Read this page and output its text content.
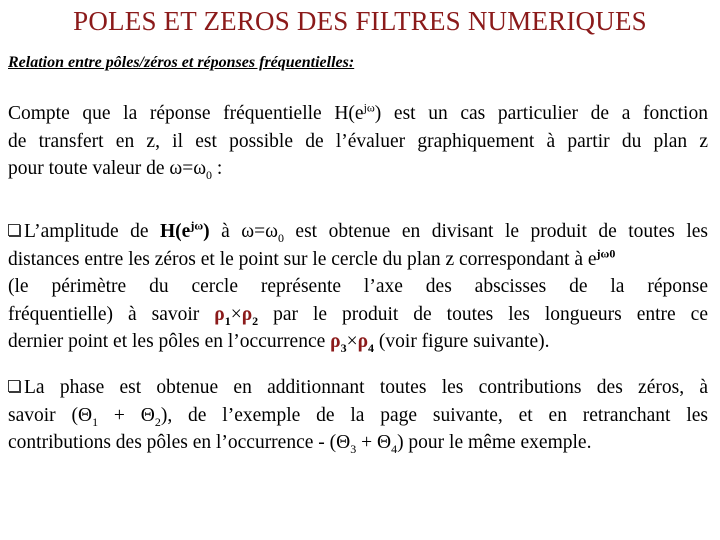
POLES ET ZEROS DES FILTRES NUMERIQUES
Relation entre pôles/zéros et réponses fréquentielles:
Compte que la réponse fréquentielle $H(e^{j\omega})$ est un cas particulier de a fonction
de transfert en z, il est possible de l’évaluer graphiquement à partir du plan z
pour toute valeur de $\omega=\omega_0$ :
L’amplitude de $H(e^{j\omega})$ à $\omega=\omega_0$ est obtenue en divisant le produit de toutes les
distances entre les zéros et le point sur le cercle du plan z correspondant à $e^{j\omega 0}$
(le périmètre du cercle représente l’axe des abscisses de la réponse
fréquentielle) à savoir $\rho_1\times\rho_2$ par le produit de toutes les longueurs entre ce
dernier point et les pôles en l’occurrence $\rho_3\times\rho_4$ (voir figure suivante).
La phase est obtenue en additionnant toutes les contributions des zéros, à
savoir $(\Theta_1 + \Theta_2)$, de l’exemple de la page suivante, et en retranchant les
contributions des pôles en l’occurrence - $(\Theta_3 + \Theta_4)$ pour le même exemple.
